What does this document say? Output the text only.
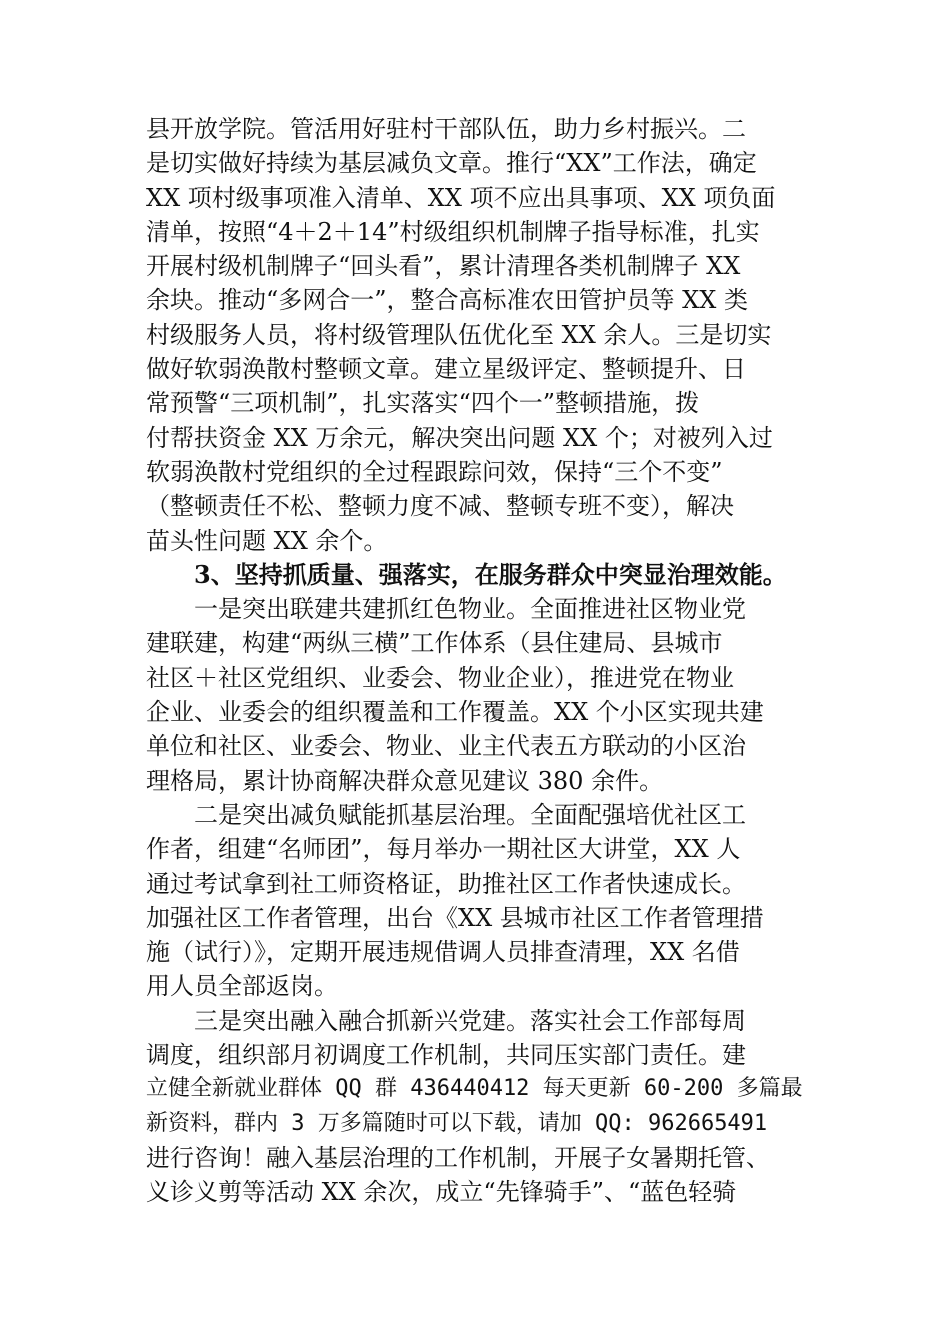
县开放学院。管活用好驻村干部队伍，助力乡村振兴。二
是切实做好持续为基层减负文章。推行“XX”工作法，确定
XX 项村级事项准入清单、XX 项不应出具事项、XX 项负面
清单，按照“4＋2＋14”村级组织机制牌子指导标准，扎实
开展村级机制牌子“回头看”，累计清理各类机制牌子 XX
余块。推动“多网合一”，整合高标准农田管护员等 XX 类
村级服务人员，将村级管理队伍优化至 XX 余人。三是切实
做好软弱涣散村整顿文章。建立星级评定、整顿提升、日
常预警“三项机制”，扎实落实“四个一”整顿措施，拨
付帮扶资金 XX 万余元，解决突出问题 XX 个；对被列入过
软弱涣散村党组织的全过程跟踪问效，保持“三个不变”
（整顿责任不松、整顿力度不减、整顿专班不变），解决
苗头性问题 XX 余个。
3、坚持抓质量、强落实，在服务群众中突显治理效能。
一是突出联建共建抓红色物业。全面推进社区物业党
建联建，构建“两纵三横”工作体系（县住建局、县城市
社区＋社区党组织、业委会、物业企业），推进党在物业
企业、业委会的组织覆盖和工作覆盖。XX 个小区实现共建
单位和社区、业委会、物业、业主代表五方联动的小区治
理格局，累计协商解决群众意见建议 380 余件。
二是突出减负赋能抓基层治理。全面配强培优社区工
作者，组建“名师团”，每月举办一期社区大讲堂，XX 人
通过考试拿到社工师资格证，助推社区工作者快速成长。
加强社区工作者管理，出台《XX 县城市社区工作者管理措
施（试行）》，定期开展违规借调人员排查清理，XX 名借
用人员全部返岗。
三是突出融入融合抓新兴党建。落实社会工作部每周
调度，组织部月初调度工作机制，共同压实部门责任。建
立健全新就业群体 QQ 群 436440412 每天更新 60-200 多篇最
新资料，群内 3 万多篇随时可以下载，请加 QQ: 962665491
进行咨询！融入基层治理的工作机制，开展子女暑期托管、
义诊义剪等活动 XX 余次，成立“先锋骑手”、“蓝色轻骑
